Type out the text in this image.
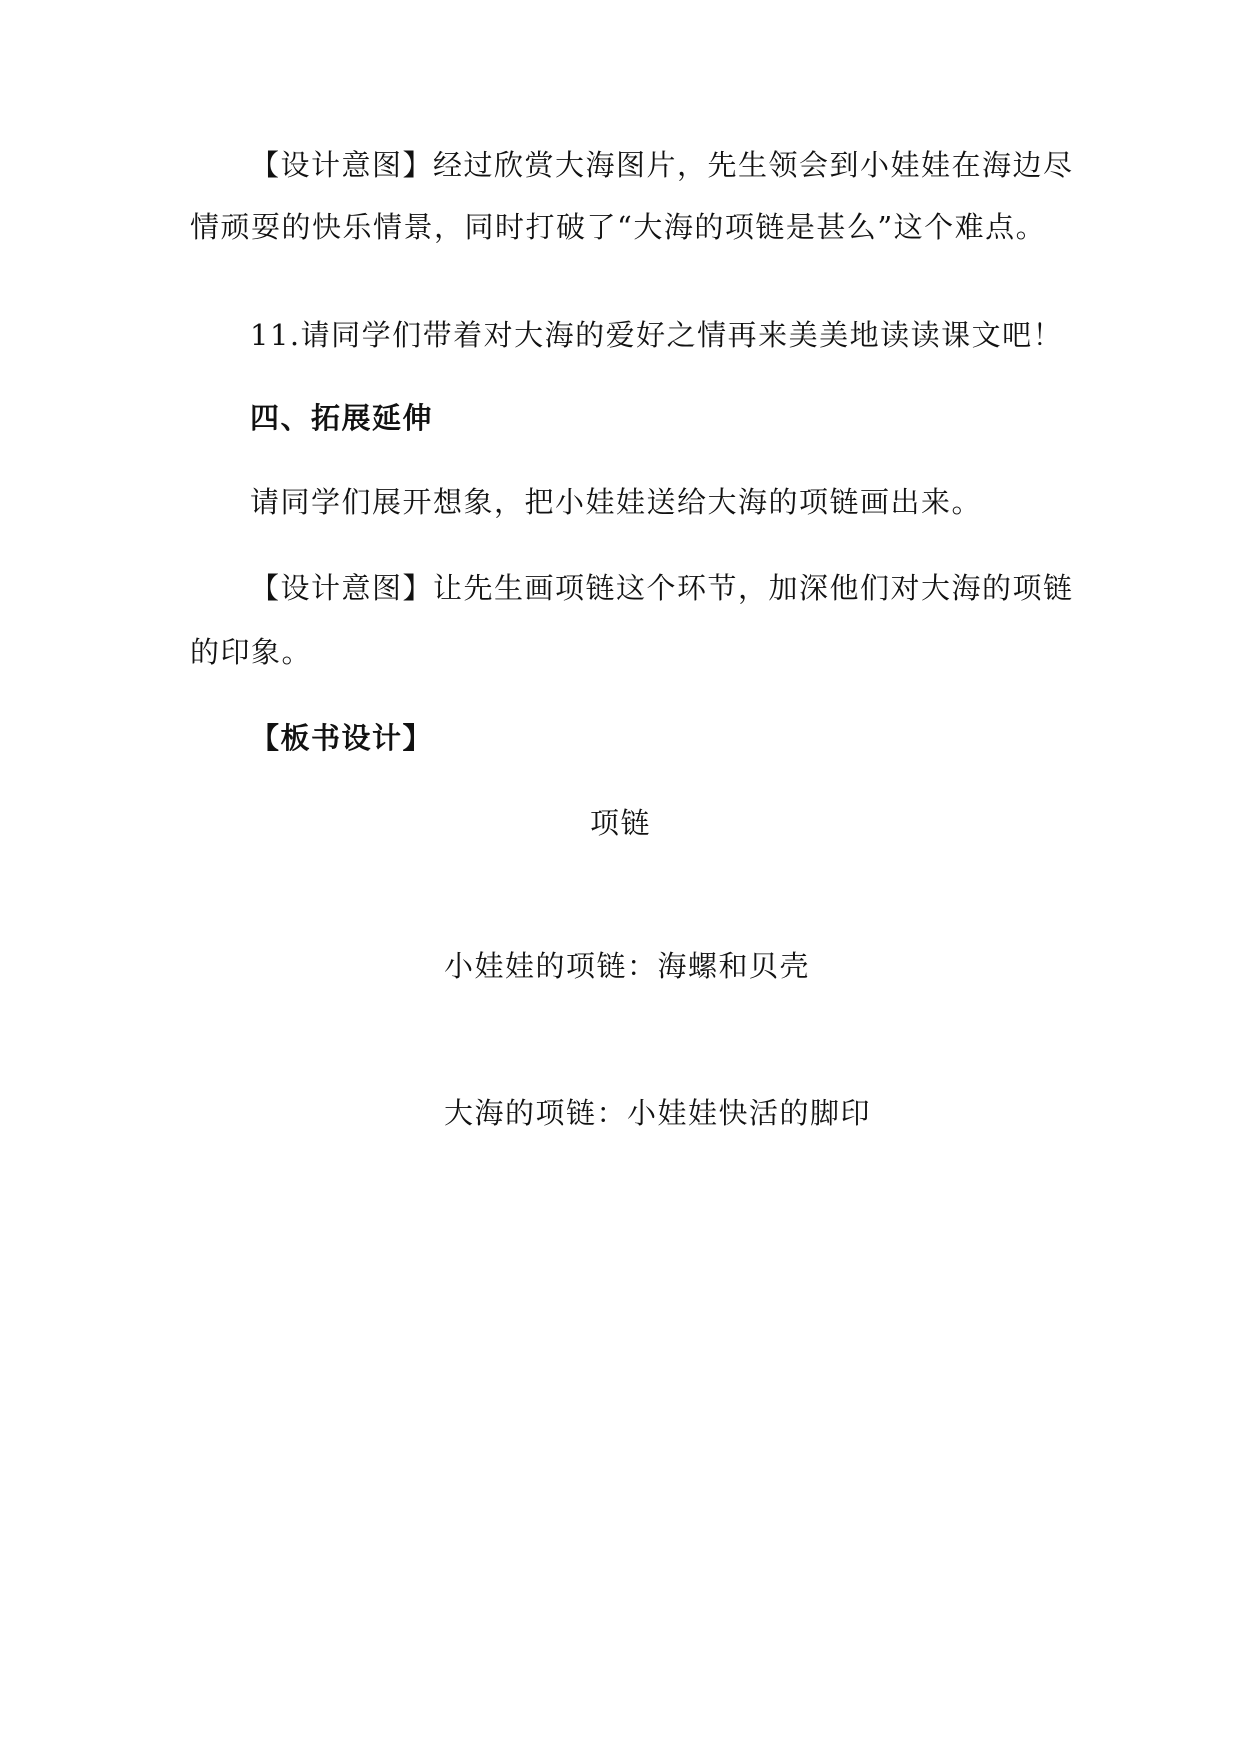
【设计意图】经过欣赏大海图片，先生领会到小娃娃在海边尽
情顽耍的快乐情景，同时打破了“大海的项链是甚么”这个难点。
11.请同学们带着对大海的爱好之情再来美美地读读课文吧！
四、拓展延伸
请同学们展开想象，把小娃娃送给大海的项链画出来。
【设计意图】让先生画项链这个环节，加深他们对大海的项链
的印象。
【板书设计】
项链
小娃娃的项链：海螺和贝壳
大海的项链：小娃娃快活的脚印
